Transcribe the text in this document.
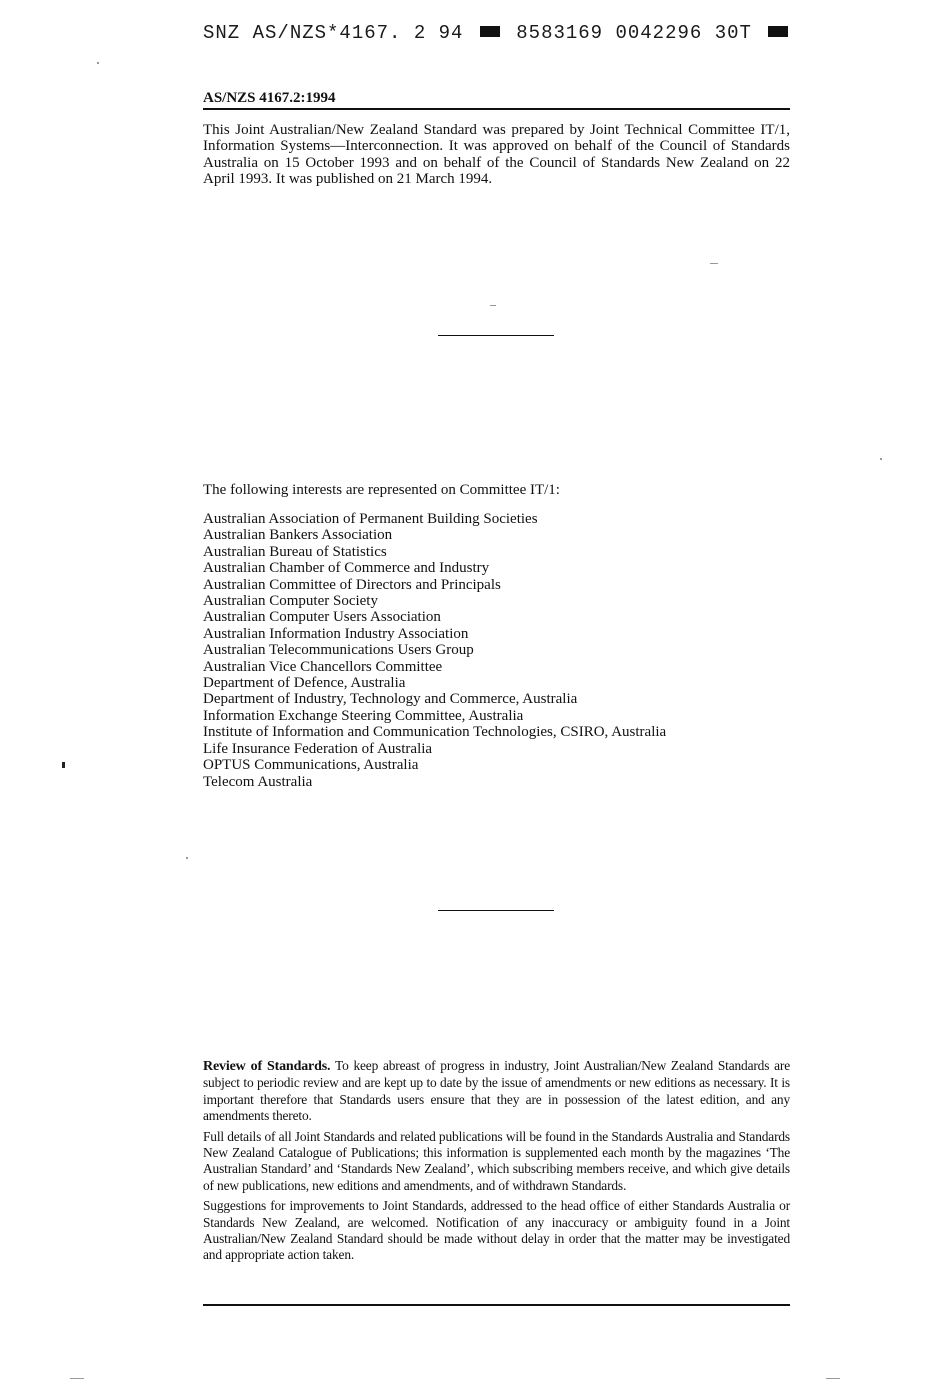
SNZ AS/NZS*4167. 2 94	8583169 0042296 30T
AS/NZS 4167.2:1994
This Joint Australian/New Zealand Standard was prepared by Joint Technical Committee IT/1, Information Systems—Interconnection. It was approved on behalf of the Council of Standards Australia on 15 October 1993 and on behalf of the Council of Standards New Zealand on 22 April 1993. It was published on 21 March 1994.
The following interests are represented on Committee IT/1:
Australian Association of Permanent Building Societies
Australian Bankers Association
Australian Bureau of Statistics
Australian Chamber of Commerce and Industry
Australian Committee of Directors and Principals
Australian Computer Society
Australian Computer Users Association
Australian Information Industry Association
Australian Telecommunications Users Group
Australian Vice Chancellors Committee
Department of Defence, Australia
Department of Industry, Technology and Commerce, Australia
Information Exchange Steering Committee, Australia
Institute of Information and Communication Technologies, CSIRO, Australia
Life Insurance Federation of Australia
OPTUS Communications, Australia
Telecom Australia

Review of Standards. To keep abreast of progress in industry, Joint Australian/New Zealand Standards are subject to periodic review and are kept up to date by the issue of amendments or new editions as necessary. It is important therefore that Standards users ensure that they are in possession of the latest edition, and any amendments thereto.

Full details of all Joint Standards and related publications will be found in the Standards Australia and Standards New Zealand Catalogue of Publications; this information is supplemented each month by the magazines ‘The Australian Standard’ and ‘Standards New Zealand’, which subscribing members receive, and which give details of new publications, new editions and amendments, and of withdrawn Standards.

Suggestions for improvements to Joint Standards, addressed to the head office of either Standards Australia or Standards New Zealand, are welcomed. Notification of any inaccuracy or ambiguity found in a Joint Australian/New Zealand Standard should be made without delay in order that the matter may be investigated and appropriate action taken.
